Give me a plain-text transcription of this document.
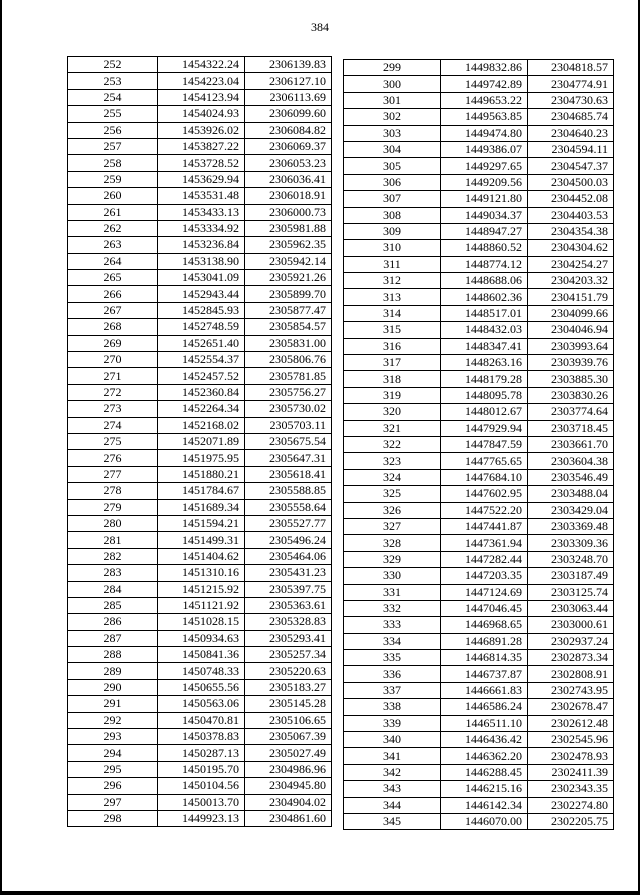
384
252	1454322.24	2306139.83
253	1454223.04	2306127.10
254	1454123.94	2306113.69
255	1454024.93	2306099.60
256	1453926.02	2306084.82
257	1453827.22	2306069.37
258	1453728.52	2306053.23
259	1453629.94	2306036.41
260	1453531.48	2306018.91
261	1453433.13	2306000.73
262	1453334.92	2305981.88
263	1453236.84	2305962.35
264	1453138.90	2305942.14
265	1453041.09	2305921.26
266	1452943.44	2305899.70
267	1452845.93	2305877.47
268	1452748.59	2305854.57
269	1452651.40	2305831.00
270	1452554.37	2305806.76
271	1452457.52	2305781.85
272	1452360.84	2305756.27
273	1452264.34	2305730.02
274	1452168.02	2305703.11
275	1452071.89	2305675.54
276	1451975.95	2305647.31
277	1451880.21	2305618.41
278	1451784.67	2305588.85
279	1451689.34	2305558.64
280	1451594.21	2305527.77
281	1451499.31	2305496.24
282	1451404.62	2305464.06
283	1451310.16	2305431.23
284	1451215.92	2305397.75
285	1451121.92	2305363.61
286	1451028.15	2305328.83
287	1450934.63	2305293.41
288	1450841.36	2305257.34
289	1450748.33	2305220.63
290	1450655.56	2305183.27
291	1450563.06	2305145.28
292	1450470.81	2305106.65
293	1450378.83	2305067.39
294	1450287.13	2305027.49
295	1450195.70	2304986.96
296	1450104.56	2304945.80
297	1450013.70	2304904.02
298	1449923.13	2304861.60
299	1449832.86	2304818.57
300	1449742.89	2304774.91
301	1449653.22	2304730.63
302	1449563.85	2304685.74
303	1449474.80	2304640.23
304	1449386.07	2304594.11
305	1449297.65	2304547.37
306	1449209.56	2304500.03
307	1449121.80	2304452.08
308	1449034.37	2304403.53
309	1448947.27	2304354.38
310	1448860.52	2304304.62
311	1448774.12	2304254.27
312	1448688.06	2304203.32
313	1448602.36	2304151.79
314	1448517.01	2304099.66
315	1448432.03	2304046.94
316	1448347.41	2303993.64
317	1448263.16	2303939.76
318	1448179.28	2303885.30
319	1448095.78	2303830.26
320	1448012.67	2303774.64
321	1447929.94	2303718.45
322	1447847.59	2303661.70
323	1447765.65	2303604.38
324	1447684.10	2303546.49
325	1447602.95	2303488.04
326	1447522.20	2303429.04
327	1447441.87	2303369.48
328	1447361.94	2303309.36
329	1447282.44	2303248.70
330	1447203.35	2303187.49
331	1447124.69	2303125.74
332	1447046.45	2303063.44
333	1446968.65	2303000.61
334	1446891.28	2302937.24
335	1446814.35	2302873.34
336	1446737.87	2302808.91
337	1446661.83	2302743.95
338	1446586.24	2302678.47
339	1446511.10	2302612.48
340	1446436.42	2302545.96
341	1446362.20	2302478.93
342	1446288.45	2302411.39
343	1446215.16	2302343.35
344	1446142.34	2302274.80
345	1446070.00	2302205.75
